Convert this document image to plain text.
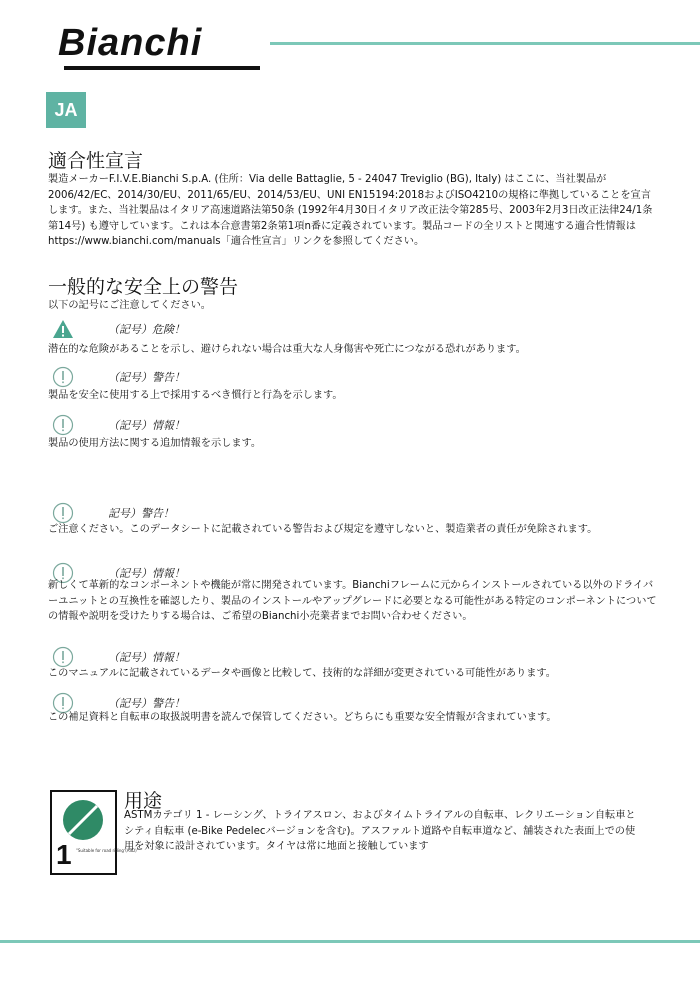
Bianchi
JA
適合性宣言

製造メーカーF.I.V.E.Bianchi S.p.A. (住所：Via delle Battaglie, 5 - 24047 Treviglio (BG), Italy) はここに、当社製品が2006/42/EC、2014/30/EU、2011/65/EU、2014/53/EU、UNI EN15194:2018およびISO4210の規格に準拠していることを宣言します。また、当社製品はイタリア高速道路法第50条 (1992年4月30日イタリア改正法令第285号、2003年2月3日改正法律24/1条第14号) も遵守しています。これは本合意書第2条第1項n番に定義されています。製品コードの全リストと関連する適合性情報はhttps://www.bianchi.com/manuals「適合性宣言」リンクを参照してください。

一般的な安全上の警告

以下の記号にご注意してください。

（記号）危険！

潜在的な危険があることを示し、避けられない場合は重大な人身傷害や死亡につながる恐れがあります。

（記号）警告！

製品を安全に使用する上で採用するべき慣行と行為を示します。

（記号）情報！

製品の使用方法に関する追加情報を示します。

記号）警告！

ご注意ください。このデータシートに記載されている警告および規定を遵守しないと、製造業者の責任が免除されます。

（記号）情報！

新しくて革新的なコンポーネントや機能が常に開発されています。Bianchiフレームに元からインストールされている以外のドライバーユニットとの互換性を確認したり、製品のインストールやアップグレードに必要となる可能性がある特定のコンポーネントについての情報や説明を受けたりする場合は、ご希望のBianchi小売業者までお問い合わせください。

（記号）情報！

このマニュアルに記載されているデータや画像と比較して、技術的な詳細が変更されている可能性があります。

（記号）警告！

この補足資料と自転車の取扱説明書を読んで保管してください。どちらにも重要な安全情報が含まれています。

1 "Suitable for road riding (ASD)"
用途

ASTMカテゴリ 1 - レーシング、トライアスロン、およびタイムトライアルの自転車、レクリエーション自転車とシティ自転車 (e-Bike Pedelecバージョンを含む)。アスファルト道路や自転車道など、舗装された表面上での使用を対象に設計されています。タイヤは常に地面と接触しています
